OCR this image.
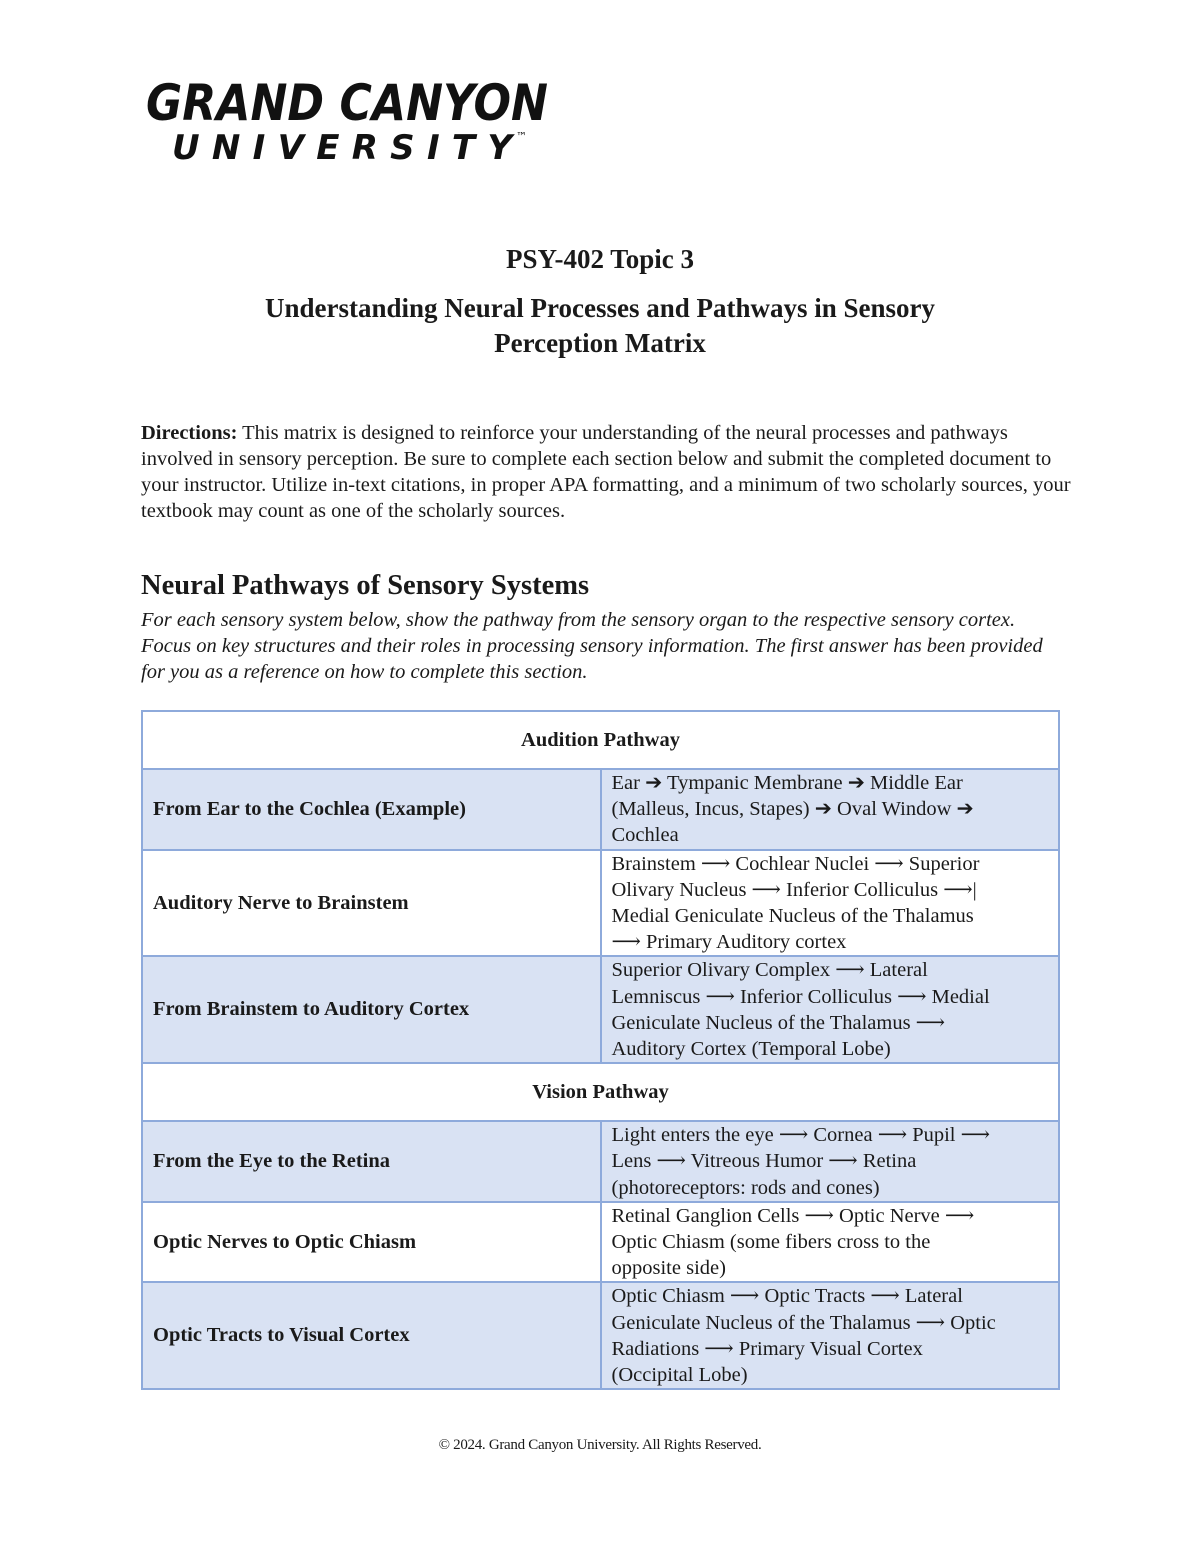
GRAND CANYON
UNIVERSITY ™
PSY-402 Topic 3
Understanding Neural Processes and Pathways in Sensory
Perception Matrix
Directions: This matrix is designed to reinforce your understanding of the neural processes and pathways involved in sensory perception. Be sure to complete each section below and submit the completed document to your instructor. Utilize in-text citations, in proper APA formatting, and a minimum of two scholarly sources, your textbook may count as one of the scholarly sources.
Neural Pathways of Sensory Systems
For each sensory system below, show the pathway from the sensory organ to the respective sensory cortex. Focus on key structures and their roles in processing sensory information. The first answer has been provided for you as a reference on how to complete this section.
Audition Pathway	
From Ear to the Cochlea (Example)	Ear ➔ Tympanic Membrane ➔ Middle Ear
(Malleus, Incus, Stapes) ➔ Oval Window ➔
Cochlea

Auditory Nerve to Brainstem	Brainstem ⟶ Cochlear Nuclei ⟶ Superior
Olivary Nucleus ⟶ Inferior Colliculus ⟶|
Medial Geniculate Nucleus of the Thalamus
⟶ Primary Auditory cortex

From Brainstem to Auditory Cortex	Superior Olivary Complex ⟶ Lateral
Lemniscus ⟶ Inferior Colliculus ⟶ Medial
Geniculate Nucleus of the Thalamus ⟶
Auditory Cortex (Temporal Lobe)

Vision Pathway	
From the Eye to the Retina	Light enters the eye ⟶ Cornea ⟶ Pupil ⟶
Lens ⟶ Vitreous Humor ⟶ Retina
(photoreceptors: rods and cones)

Optic Nerves to Optic Chiasm	Retinal Ganglion Cells ⟶ Optic Nerve ⟶
Optic Chiasm (some fibers cross to the
opposite side)

Optic Tracts to Visual Cortex	Optic Chiasm ⟶ Optic Tracts ⟶ Lateral
Geniculate Nucleus of the Thalamus ⟶ Optic
Radiations ⟶ Primary Visual Cortex
(Occipital Lobe)
© 2024. Grand Canyon University. All Rights Reserved.
